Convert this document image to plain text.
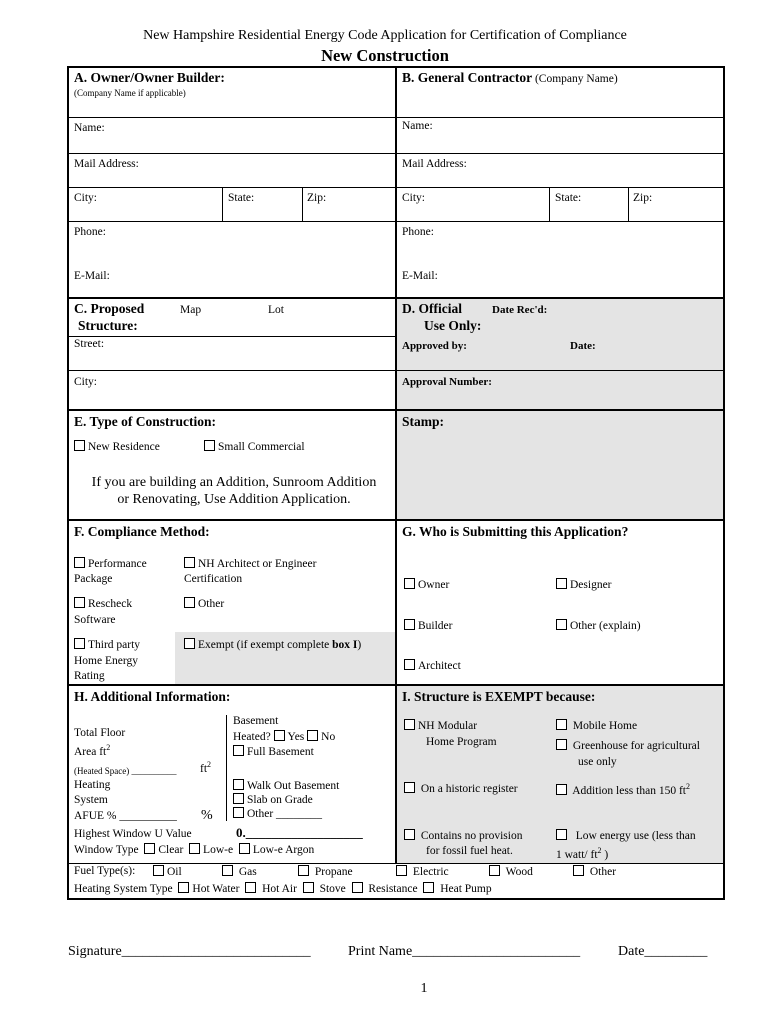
New Hampshire Residential Energy Code Application for Certification of Compliance
New Construction
A. Owner/Owner Builder:
(Company Name if applicable)
Name:
Mail Address:
City:	State:	Zip:
Phone:
E-Mail:
B. General Contractor (Company Name)
Name:
Mail Address:
City:	State:	Zip:
Phone:
E-Mail:
C. Proposed
Structure:
Map	Lot
Street:
City:
D. Official
Use Only:
Date Rec'd:
Approved by:	Date:
Approval Number:
E. Type of Construction:
New Residence	Small Commercial
If you are building an Addition, Sunroom Addition
or Renovating, Use Addition Application.
Stamp:
F. Compliance Method:
Performance
Package
NH Architect or Engineer
Certification
Rescheck
Software
Other
Third party
Home Energy
Rating
Exempt (if exempt complete box I)
G. Who is Submitting this Application?
Owner	Designer
Builder	Other (explain)
Architect
H. Additional Information:
Total Floor
Area $ft^2$
(Heated Space) __________ $ft^2$
Heating
System
AFUE % __________ %
Basement
Heated? Yes No
Full Basement
Walk Out Basement
Slab on Grade
Other ________
Highest Window U Value	0.__________________
Window Type Clear Low-e Low-e Argon
Fuel Type(s):	Oil	Gas	Propane	Electric	Wood	Other
Heating System Type Hot Water Hot Air Stove Resistance Heat Pump
I. Structure is EXEMPT because:
NH Modular
Home Program
Mobile Home
Greenhouse for agricultural
use only
On a historic register	Addition less than 150 $ft^2$
Contains no provision
for fossil fuel heat.
Low energy use (less than
1 watt/ $ft^2$ )
Signature___________________________	Print Name________________________	Date_________
1
